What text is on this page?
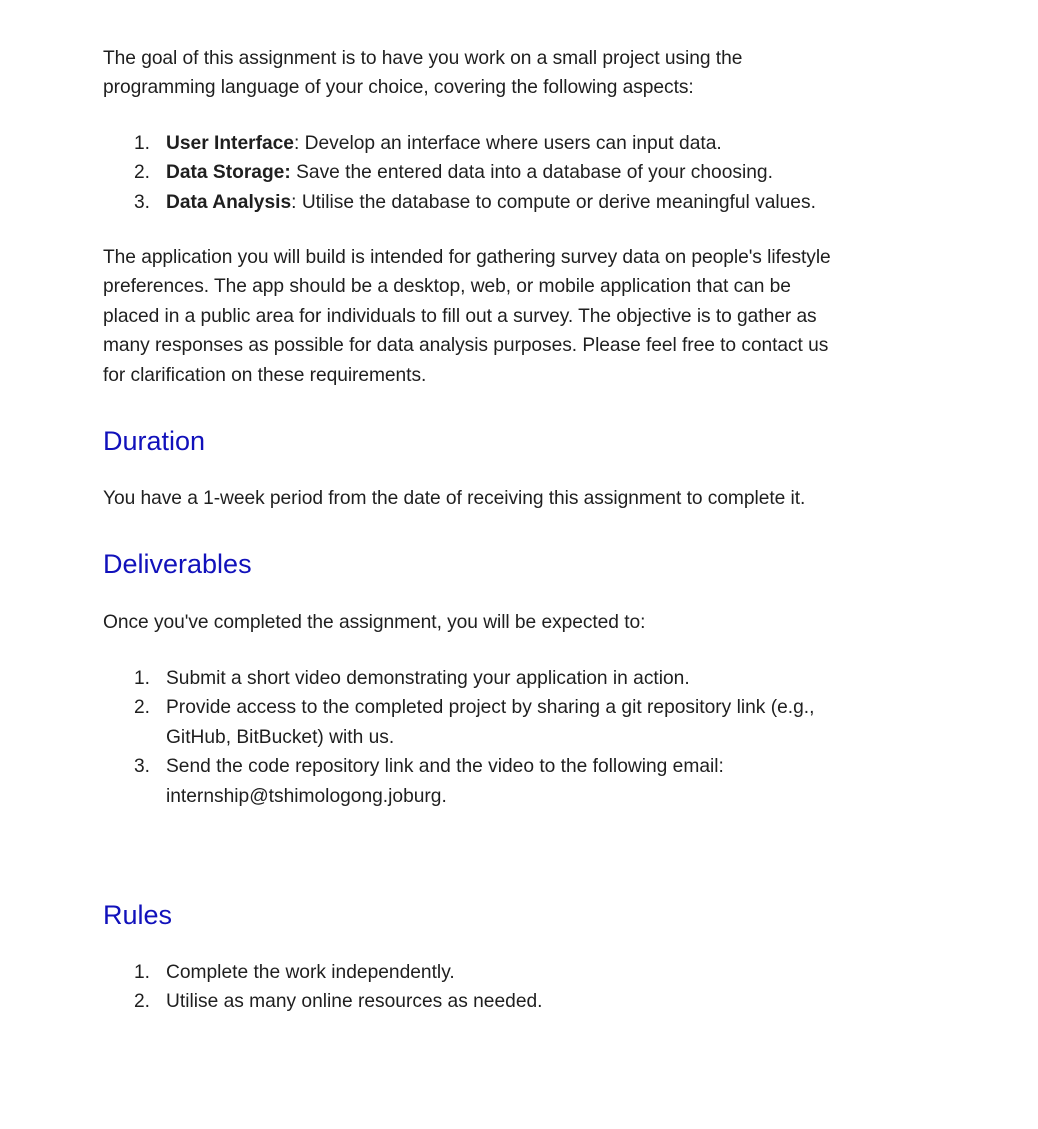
The goal of this assignment is to have you work on a small project using the
programming language of your choice, covering the following aspects:

1. User Interface: Develop an interface where users can input data.
2. Data Storage: Save the entered data into a database of your choosing.
3. Data Analysis: Utilise the database to compute or derive meaningful values.

The application you will build is intended for gathering survey data on people's lifestyle
preferences. The app should be a desktop, web, or mobile application that can be
placed in a public area for individuals to fill out a survey. The objective is to gather as
many responses as possible for data analysis purposes. Please feel free to contact us
for clarification on these requirements.

Duration

You have a 1-week period from the date of receiving this assignment to complete it.

Deliverables

Once you've completed the assignment, you will be expected to:

1. Submit a short video demonstrating your application in action.
2. Provide access to the completed project by sharing a git repository link (e.g.,
GitHub, BitBucket) with us.
3. Send the code repository link and the video to the following email:
internship@tshimologong.joburg.
Rules
1. Complete the work independently.
2. Utilise as many online resources as needed.
